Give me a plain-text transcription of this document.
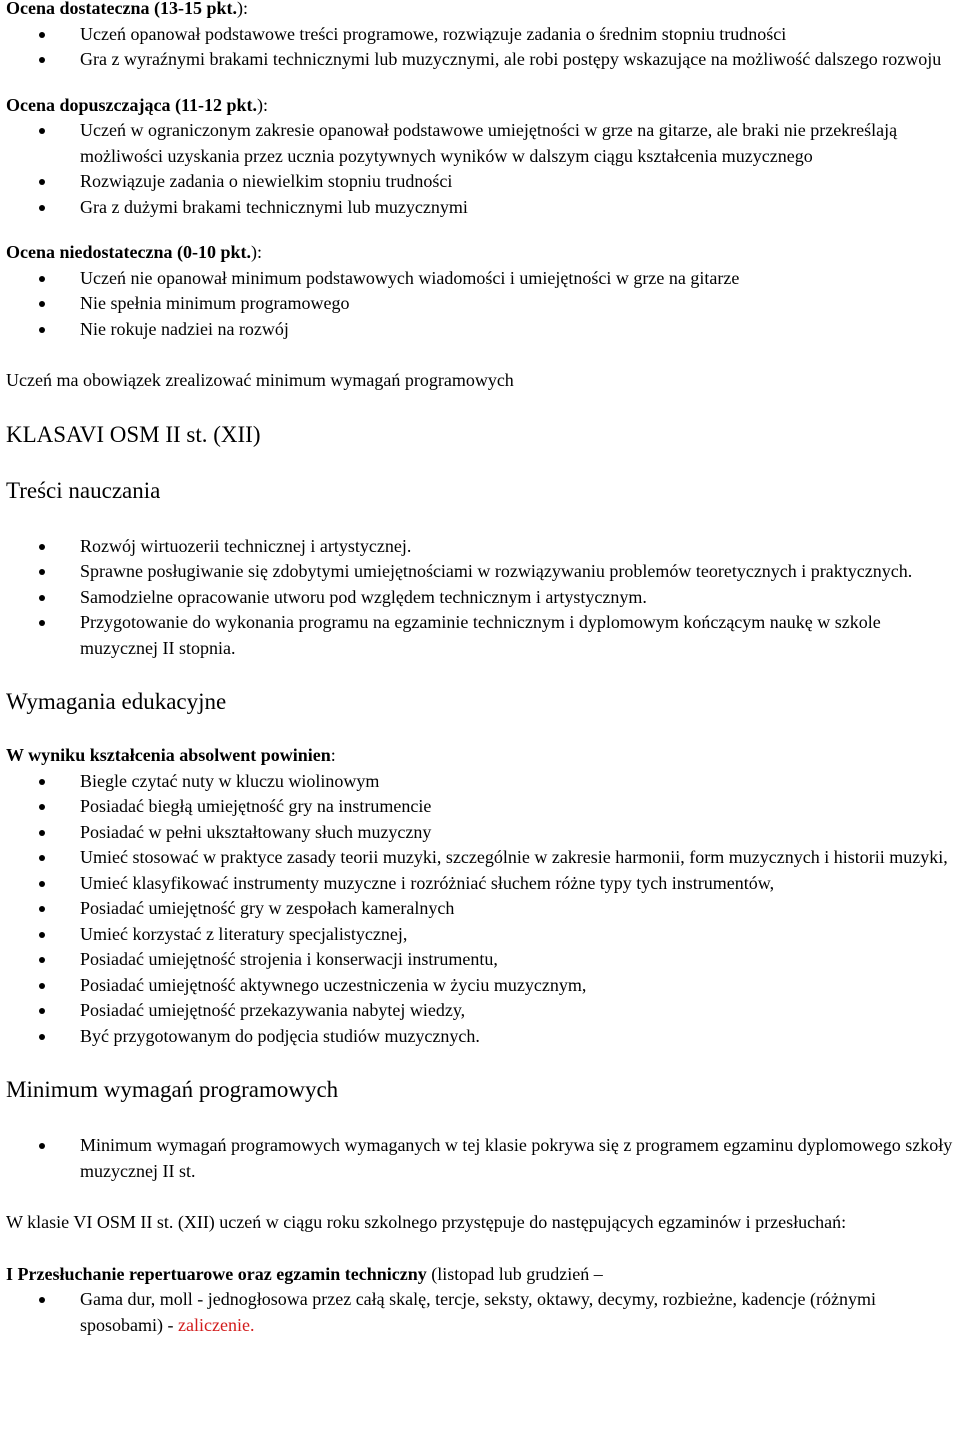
Ocena dostateczna (13-15 pkt.):

Uczeń opanował podstawowe treści programowe, rozwiązuje zadania o średnim stopniu trudności
Gra z wyraźnymi brakami technicznymi lub muzycznymi, ale robi postępy wskazujące na możliwość dalszego rozwoju

Ocena dopuszczająca (11-12 pkt.):

Uczeń w ograniczonym zakresie opanował podstawowe umiejętności w grze na gitarze, ale braki nie przekreślają możliwości uzyskania przez ucznia pozytywnych wyników w dalszym ciągu kształcenia muzycznego
Rozwiązuje zadania o niewielkim stopniu trudności
Gra z dużymi brakami technicznymi lub muzycznymi

Ocena niedostateczna (0-10 pkt.):

Uczeń nie opanował minimum podstawowych wiadomości i umiejętności w grze na gitarze
Nie spełnia minimum programowego
Nie rokuje nadziei na rozwój

Uczeń ma obowiązek zrealizować minimum wymagań programowych

KLASAVI OSM II st. (XII)

Treści nauczania

Rozwój wirtuozerii technicznej i artystycznej.
Sprawne posługiwanie się zdobytymi umiejętnościami w rozwiązywaniu problemów teoretycznych i praktycznych.
Samodzielne opracowanie utworu pod względem technicznym i artystycznym.
Przygotowanie do wykonania programu na egzaminie technicznym i dyplomowym kończącym naukę w szkole muzycznej II stopnia.

Wymagania edukacyjne

W wyniku kształcenia absolwent powinien:

Biegle czytać nuty w kluczu wiolinowym
Posiadać biegłą umiejętność gry na instrumencie
Posiadać w pełni ukształtowany słuch muzyczny
Umieć stosować w praktyce zasady teorii muzyki, szczególnie w zakresie harmonii, form muzycznych i historii muzyki,
Umieć klasyfikować instrumenty muzyczne i rozróżniać słuchem różne typy tych instrumentów,
Posiadać umiejętność gry w zespołach kameralnych
Umieć korzystać z literatury specjalistycznej,
Posiadać umiejętność strojenia i konserwacji instrumentu,
Posiadać umiejętność aktywnego uczestniczenia w życiu muzycznym,
Posiadać umiejętność przekazywania nabytej wiedzy,
Być przygotowanym do podjęcia studiów muzycznych.

Minimum wymagań programowych

Minimum wymagań programowych wymaganych w tej klasie pokrywa się z programem egzaminu dyplomowego szkoły muzycznej II st.

W klasie VI OSM II st. (XII) uczeń w ciągu roku szkolnego przystępuje do następujących egzaminów i przesłuchań:

I Przesłuchanie repertuarowe oraz egzamin techniczny (listopad lub grudzień –

Gama dur, moll - jednogłosowa przez całą skalę, tercje, seksty, oktawy, decymy, rozbieżne, kadencje (różnymi sposobami) - zaliczenie.
